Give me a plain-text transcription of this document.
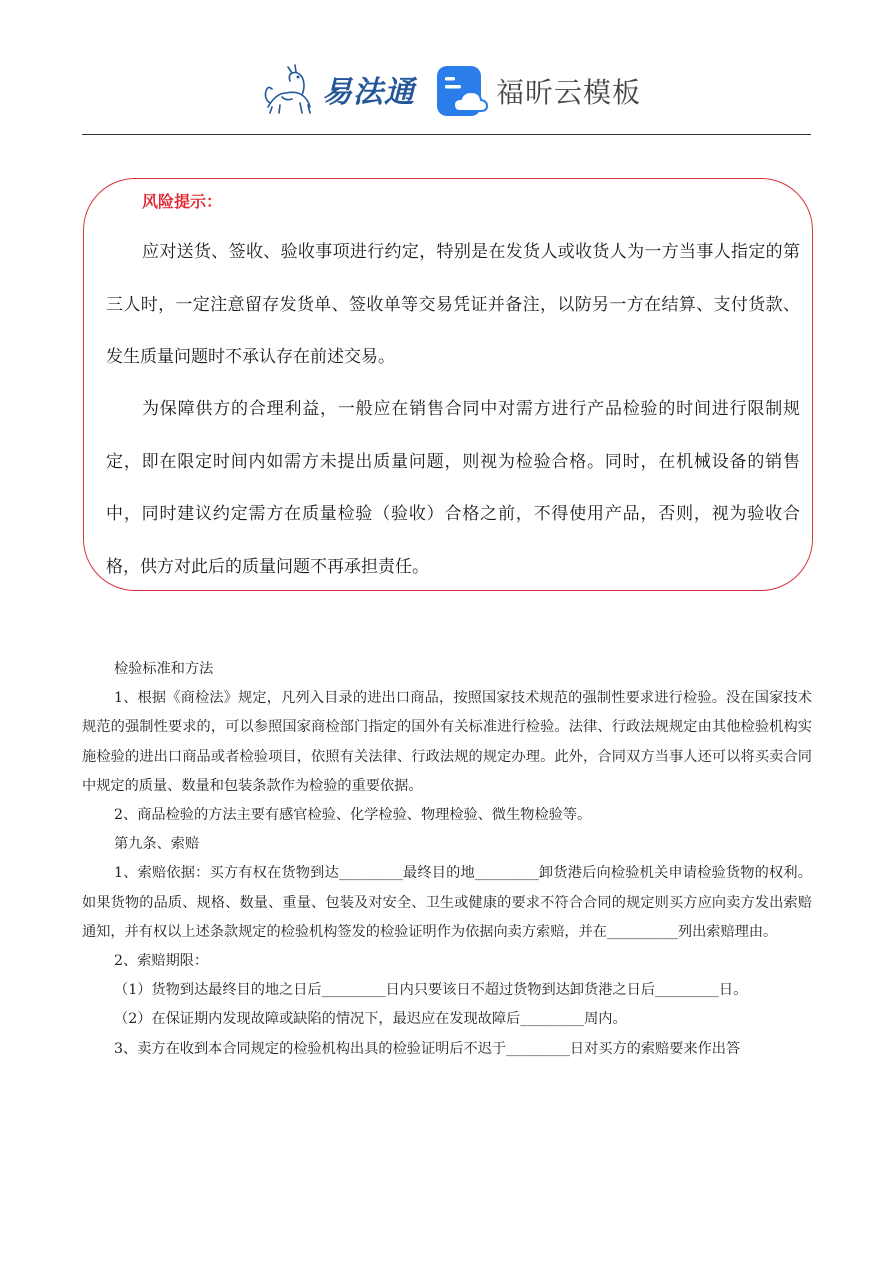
易法通	福昕云模板
风险提示：

应对送货、签收、验收事项进行约定，特别是在发货人或收货人为一方当事人指定的第三人时，一定注意留存发货单、签收单等交易凭证并备注，以防另一方在结算、支付货款、发生质量问题时不承认存在前述交易。

为保障供方的合理利益，一般应在销售合同中对需方进行产品检验的时间进行限制规定，即在限定时间内如需方未提出质量问题，则视为检验合格。同时，在机械设备的销售中，同时建议约定需方在质量检验（验收）合格之前，不得使用产品，否则，视为验收合格，供方对此后的质量问题不再承担责任。

检验标准和方法

1、根据《商检法》规定，凡列入目录的进出口商品，按照国家技术规范的强制性要求进行检验。没在国家技术规范的强制性要求的，可以参照国家商检部门指定的国外有关标准进行检验。法律、行政法规规定由其他检验机构实施检验的进出口商品或者检验项目，依照有关法律、行政法规的规定办理。此外，合同双方当事人还可以将买卖合同中规定的质量、数量和包装条款作为检验的重要依据。

2、商品检验的方法主要有感官检验、化学检验、物理检验、微生物检验等。

第九条、索赔

1、索赔依据：买方有权在货物到达_________最终目的地_________卸货港后向检验机关申请检验货物的权利。如果货物的品质、规格、数量、重量、包装及对安全、卫生或健康的要求不符合合同的规定则买方应向卖方发出索赔通知，并有权以上述条款规定的检验机构签发的检验证明作为依据向卖方索赔，并在__________列出索赔理由。

2、索赔期限：

（1）货物到达最终目的地之日后_________日内只要该日不超过货物到达卸货港之日后_________日。

（2）在保证期内发现故障或缺陷的情况下，最迟应在发现故障后_________周内。

3、卖方在收到本合同规定的检验机构出具的检验证明后不迟于_________日对买方的索赔要来作出答
